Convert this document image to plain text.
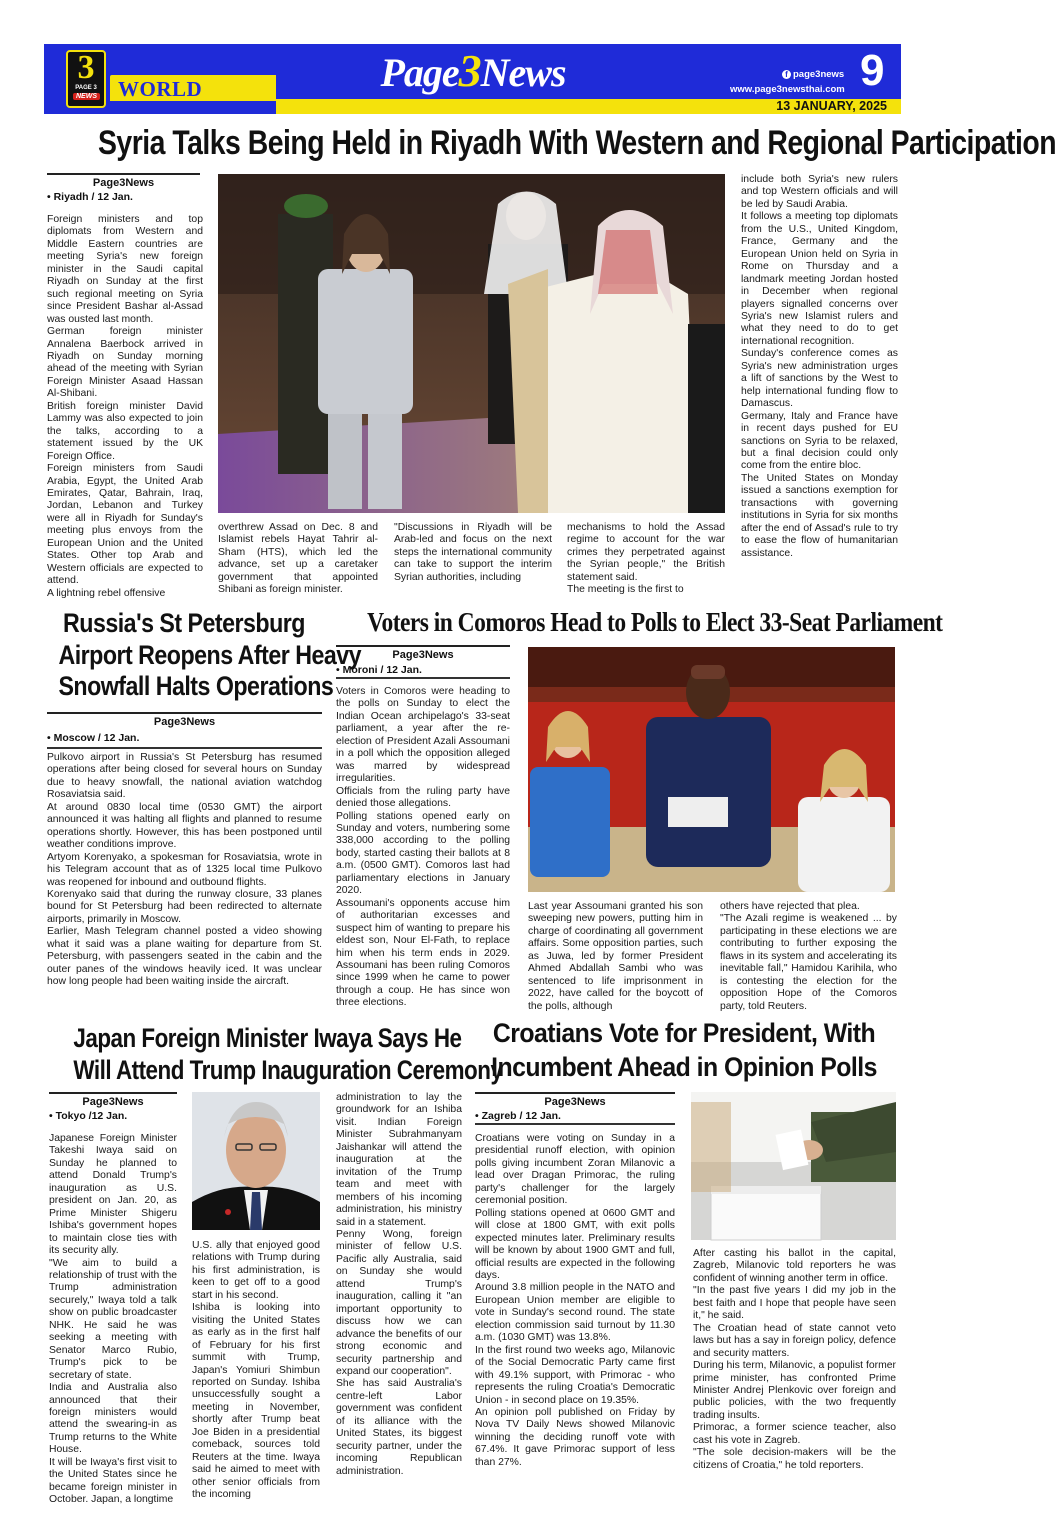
WORLD
13 JANUARY, 2025
3
PAGE 3
NEWS
Page3News	f page3news
www.page3newsthai.com 9
Syria Talks Being Held in Riyadh With Western and Regional Participation
Page3News
• Riyadh / 12 Jan.
Foreign ministers and top diplomats from Western and Middle Eastern countries are meeting Syria's new foreign minister in the Saudi capital Riyadh on Sunday at the first such regional meeting on Syria since President Bashar al-Assad was ousted last month.
German foreign minister Annalena Baerbock arrived in Riyadh on Sunday morning ahead of the meeting with Syrian Foreign Minister Asaad Hassan Al-Shibani.
British foreign minister David Lammy was also expected to join the talks, according to a statement issued by the UK Foreign Office.
Foreign ministers from Saudi Arabia, Egypt, the United Arab Emirates, Qatar, Bahrain, Iraq, Jordan, Lebanon and Turkey were all in Riyadh for Sunday's meeting plus envoys from the European Union and the United States. Other top Arab and Western officials are expected to attend.
A lightning rebel offensive
overthrew Assad on Dec. 8 and Islamist rebels Hayat Tahrir al-Sham (HTS), which led the advance, set up a caretaker government that appointed Shibani as foreign minister.
"Discussions in Riyadh will be Arab-led and focus on the next steps the international community can take to support the interim Syrian authorities, including
mechanisms to hold the Assad regime to account for the war crimes they perpetrated against the Syrian people," the British statement said.
The meeting is the first to
include both Syria's new rulers and top Western officials and will be led by Saudi Arabia.
It follows a meeting top diplomats from the U.S., United Kingdom, France, Germany and the European Union held on Syria in Rome on Thursday and a landmark meeting Jordan hosted in December when regional players signalled concerns over Syria's new Islamist rulers and what they need to do to get international recognition.
Sunday's conference comes as Syria's new administration urges a lift of sanctions by the West to help international funding flow to Damascus.
Germany, Italy and France have in recent days pushed for EU sanctions on Syria to be relaxed, but a final decision could only come from the entire bloc.
The United States on Monday issued a sanctions exemption for transactions with governing institutions in Syria for six months after the end of Assad's rule to try to ease the flow of humanitarian assistance.
Russia's St Petersburg
Airport Reopens After Heavy
Snowfall Halts Operations
Page3News
• Moscow / 12 Jan.
Pulkovo airport in Russia's St Petersburg has resumed operations after being closed for several hours on Sunday due to heavy snowfall, the national aviation watchdog Rosaviatsia said.
At around 0830 local time (0530 GMT) the airport announced it was halting all flights and planned to resume operations shortly. However, this has been postponed until weather conditions improve.
Artyom Korenyako, a spokesman for Rosaviatsia, wrote in his Telegram account that as of 1325 local time Pulkovo was reopened for inbound and outbound flights.
Korenyako said that during the runway closure, 33 planes bound for St Petersburg had been redirected to alternate airports, primarily in Moscow.
Earlier, Mash Telegram channel posted a video showing what it said was a plane waiting for departure from St. Petersburg, with passengers seated in the cabin and the outer panes of the windows heavily iced. It was unclear how long people had been waiting inside the aircraft.
Voters in Comoros Head to Polls to Elect 33-Seat Parliament
Page3News
• Moroni / 12 Jan.
Voters in Comoros were heading to the polls on Sunday to elect the Indian Ocean archipelago's 33-seat parliament, a year after the re-election of President Azali Assoumani in a poll which the opposition alleged was marred by widespread irregularities.
Officials from the ruling party have denied those allegations.
Polling stations opened early on Sunday and voters, numbering some 338,000 according to the polling body, started casting their ballots at 8 a.m. (0500 GMT). Comoros last had parliamentary elections in January 2020.
Assoumani's opponents accuse him of authoritarian excesses and suspect him of wanting to prepare his eldest son, Nour El-Fath, to replace him when his term ends in 2029. Assoumani has been ruling Comoros since 1999 when he came to power through a coup. He has since won three elections.
Last year Assoumani granted his son sweeping new powers, putting him in charge of coordinating all government affairs. Some opposition parties, such as Juwa, led by former President Ahmed Abdallah Sambi who was sentenced to life imprisonment in 2022, have called for the boycott of the polls, although
others have rejected that plea.
"The Azali regime is weakened ... by participating in these elections we are contributing to further exposing the flaws in its system and accelerating its inevitable fall," Hamidou Karihila, who is contesting the election for the opposition Hope of the Comoros party, told Reuters.
Japan Foreign Minister Iwaya Says He
Will Attend Trump Inauguration Ceremony
Page3News
• Tokyo /12 Jan.
Japanese Foreign Minister Takeshi Iwaya said on Sunday he planned to attend Donald Trump's inauguration as U.S. president on Jan. 20, as Prime Minister Shigeru Ishiba's government hopes to maintain close ties with its security ally.
"We aim to build a relationship of trust with the Trump administration securely," Iwaya told a talk show on public broadcaster NHK. He said he was seeking a meeting with Senator Marco Rubio, Trump's pick to be secretary of state.
India and Australia also announced that their foreign ministers would attend the swearing-in as Trump returns to the White House.
It will be Iwaya's first visit to the United States since he became foreign minister in October. Japan, a longtime
U.S. ally that enjoyed good relations with Trump during his first administration, is keen to get off to a good start in his second.
Ishiba is looking into visiting the United States as early as in the first half of February for his first summit with Trump, Japan's Yomiuri Shimbun reported on Sunday. Ishiba unsuccessfully sought a meeting in November, shortly after Trump beat Joe Biden in a presidential comeback, sources told Reuters at the time. Iwaya said he aimed to meet with other senior officials from the incoming
administration to lay the groundwork for an Ishiba visit. Indian Foreign Minister Subrahmanyam Jaishankar will attend the inauguration at the invitation of the Trump team and meet with members of his incoming administration, his ministry said in a statement.
Penny Wong, foreign minister of fellow U.S. Pacific ally Australia, said on Sunday she would attend Trump's inauguration, calling it "an important opportunity to discuss how we can advance the benefits of our strong economic and security partnership and expand our cooperation".
She has said Australia's centre-left Labor government was confident of its alliance with the United States, its biggest security partner, under the incoming Republican administration.
Croatians Vote for President, With
Incumbent Ahead in Opinion Polls
Page3News
• Zagreb / 12 Jan.
Croatians were voting on Sunday in a presidential runoff election, with opinion polls giving incumbent Zoran Milanovic a lead over Dragan Primorac, the ruling party's challenger for the largely ceremonial position.
Polling stations opened at 0600 GMT and will close at 1800 GMT, with exit polls expected minutes later. Preliminary results will be known by about 1900 GMT and full, official results are expected in the following days.
Around 3.8 million people in the NATO and European Union member are eligible to vote in Sunday's second round. The state election commission said turnout by 11.30 a.m. (1030 GMT) was 13.8%.
In the first round two weeks ago, Milanovic of the Social Democratic Party came first with 49.1% support, with Primorac - who represents the ruling Croatia's Democratic Union - in second place on 19.35%.
An opinion poll published on Friday by Nova TV Daily News showed Milanovic winning the deciding runoff vote with 67.4%. It gave Primorac support of less than 27%.
After casting his ballot in the capital, Zagreb, Milanovic told reporters he was confident of winning another term in office.
"In the past five years I did my job in the best faith and I hope that people have seen it," he said.
The Croatian head of state cannot veto laws but has a say in foreign policy, defence and security matters.
During his term, Milanovic, a populist former prime minister, has confronted Prime Minister Andrej Plenkovic over foreign and public policies, with the two frequently trading insults.
Primorac, a former science teacher, also cast his vote in Zagreb.
"The sole decision-makers will be the citizens of Croatia," he told reporters.
